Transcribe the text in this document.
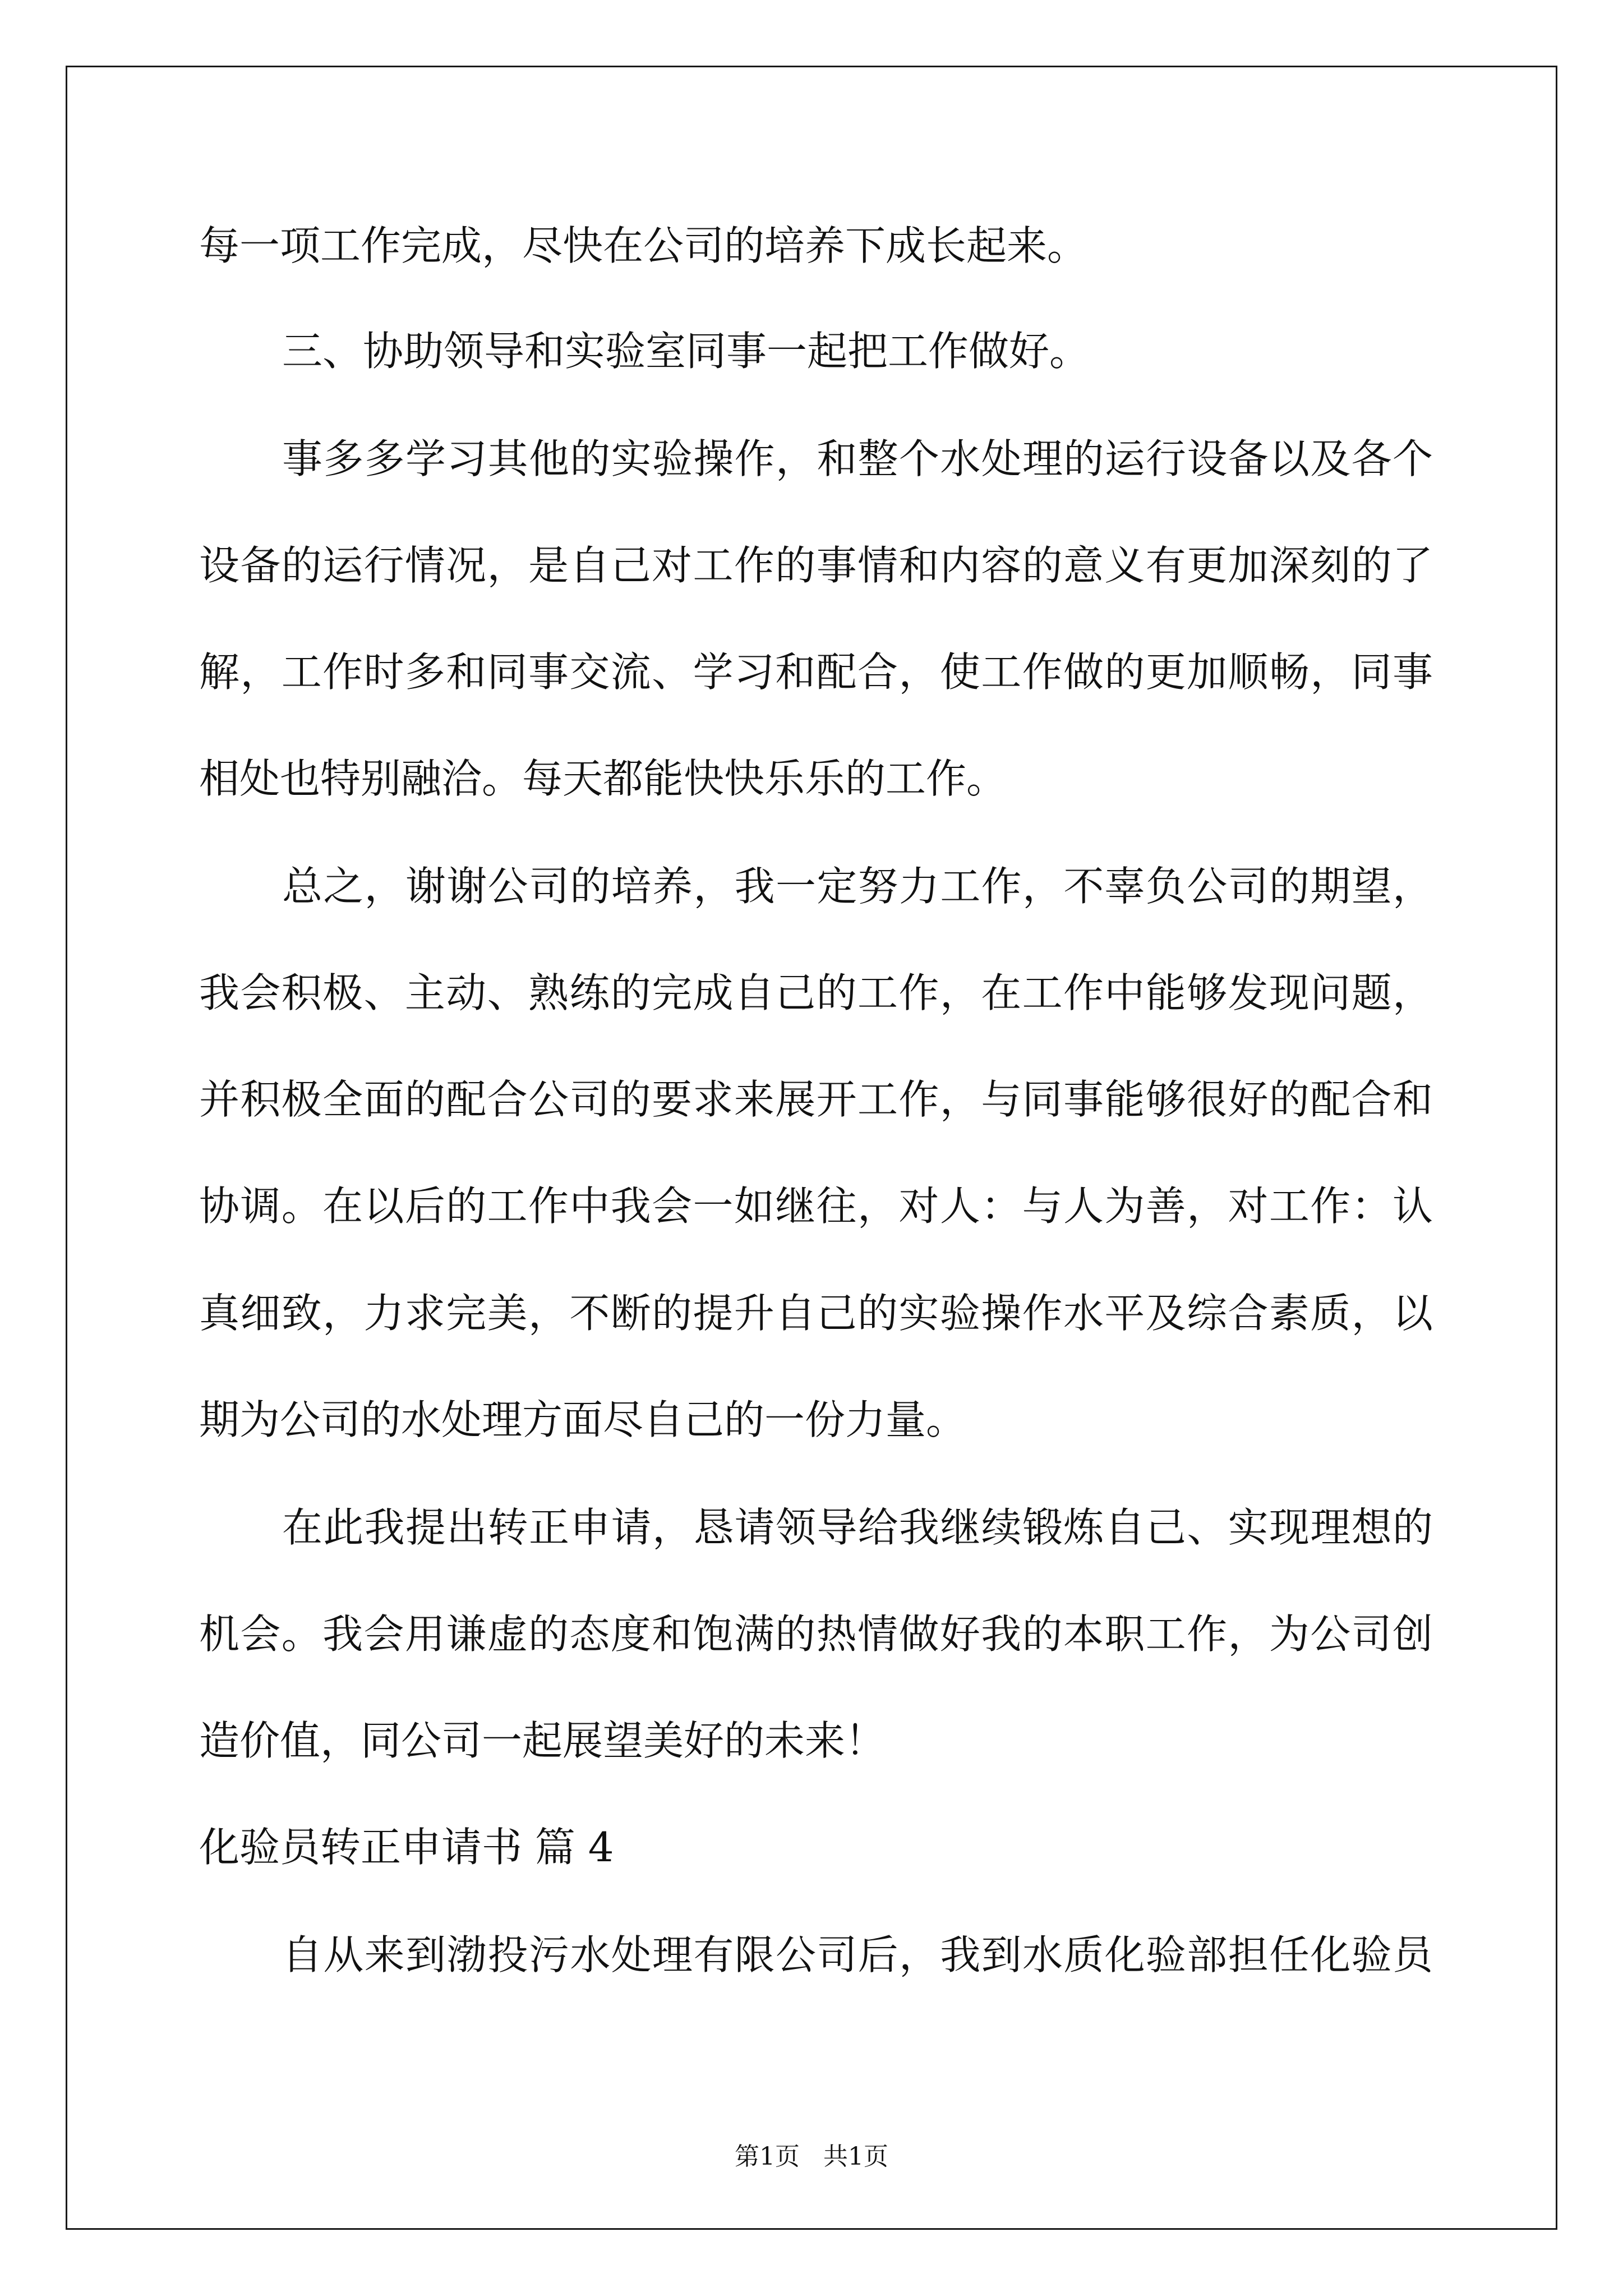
每一项工作完成，尽快在公司的培养下成长起来。
三、协助领导和实验室同事一起把工作做好。
事多多学习其他的实验操作，和整个水处理的运行设备以及各个
设备的运行情况，是自己对工作的事情和内容的意义有更加深刻的了
解，工作时多和同事交流、学习和配合，使工作做的更加顺畅，同事
相处也特别融洽。每天都能快快乐乐的工作。
总之，谢谢公司的培养，我一定努力工作，不辜负公司的期望，
我会积极、主动、熟练的完成自己的工作，在工作中能够发现问题，
并积极全面的配合公司的要求来展开工作，与同事能够很好的配合和
协调。在以后的工作中我会一如继往，对人：与人为善，对工作：认
真细致，力求完美，不断的提升自己的实验操作水平及综合素质，以
期为公司的水处理方面尽自己的一份力量。
在此我提出转正申请，恳请领导给我继续锻炼自己、实现理想的
机会。我会用谦虚的态度和饱满的热情做好我的本职工作，为公司创
造价值，同公司一起展望美好的未来！
化验员转正申请书 篇 4
自从来到渤投污水处理有限公司后，我到水质化验部担任化验员
第1页   共1页
